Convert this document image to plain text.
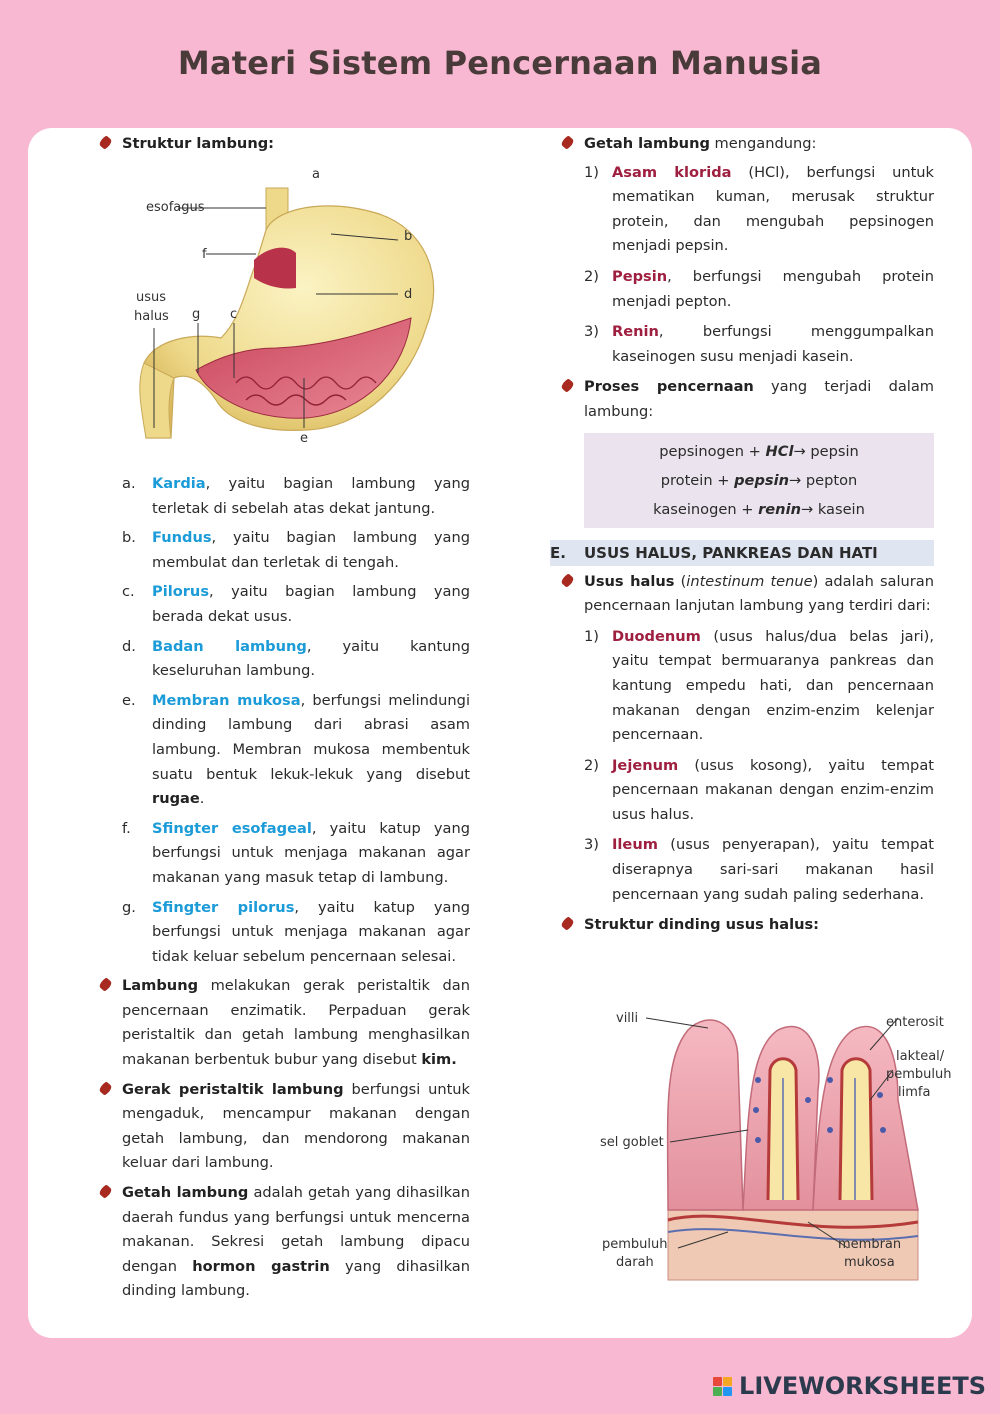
Materi Sistem Pencernaan Manusia
Struktur lambung:
a
esofagus
f
b
d
usus
halus g c
e
a. Kardia, yaitu bagian lambung yang terletak di sebelah atas dekat jantung.
b. Fundus, yaitu bagian lambung yang membulat dan terletak di tengah.
c. Pilorus, yaitu bagian lambung yang berada dekat usus.
d. Badan lambung, yaitu kantung keseluruhan lambung.
e. Membran mukosa, berfungsi melindungi dinding lambung dari abrasi asam lambung. Membran mukosa membentuk suatu bentuk lekuk-lekuk yang disebut rugae.
f. Sfingter esofageal, yaitu katup yang berfungsi untuk menjaga makanan agar makanan yang masuk tetap di lambung.
g. Sfingter pilorus, yaitu katup yang berfungsi untuk menjaga makanan agar tidak keluar sebelum pencernaan selesai.
Lambung melakukan gerak peristaltik dan pencernaan enzimatik. Perpaduan gerak peristaltik dan getah lambung menghasilkan makanan berbentuk bubur yang disebut kim.
Gerak peristaltik lambung berfungsi untuk mengaduk, mencampur makanan dengan getah lambung, dan mendorong makanan keluar dari lambung.
Getah lambung adalah getah yang dihasilkan daerah fundus yang berfungsi untuk mencerna makanan. Sekresi getah lambung dipacu dengan hormon gastrin yang dihasilkan dinding lambung.
Getah lambung mengandung:
1) Asam klorida (HCl), berfungsi untuk mematikan kuman, merusak struktur protein, dan mengubah pepsinogen menjadi pepsin.
2) Pepsin, berfungsi mengubah protein menjadi pepton.
3) Renin, berfungsi menggumpalkan kaseinogen susu menjadi kasein.
Proses pencernaan yang terjadi dalam lambung:
pepsinogen + HCl→ pepsin
protein + pepsin→ pepton
kaseinogen + renin→ kasein
E. USUS HALUS, PANKREAS DAN HATI
Usus halus (intestinum tenue) adalah saluran pencernaan lanjutan lambung yang terdiri dari:
1) Duodenum (usus halus/dua belas jari), yaitu tempat bermuaranya pankreas dan kantung empedu hati, dan pencernaan makanan dengan enzim-enzim kelenjar pencernaan.
2) Jejenum (usus kosong), yaitu tempat pencernaan makanan dengan enzim-enzim usus halus.
3) Ileum (usus penyerapan), yaitu tempat diserapnya sari-sari makanan hasil pencernaan yang sudah paling sederhana.
Struktur dinding usus halus:
villi	enterosit
lakteal/
pembuluh
limfa
sel goblet
pembuluh
darah
membran
mukosa
LIVEWORKSHEETS
